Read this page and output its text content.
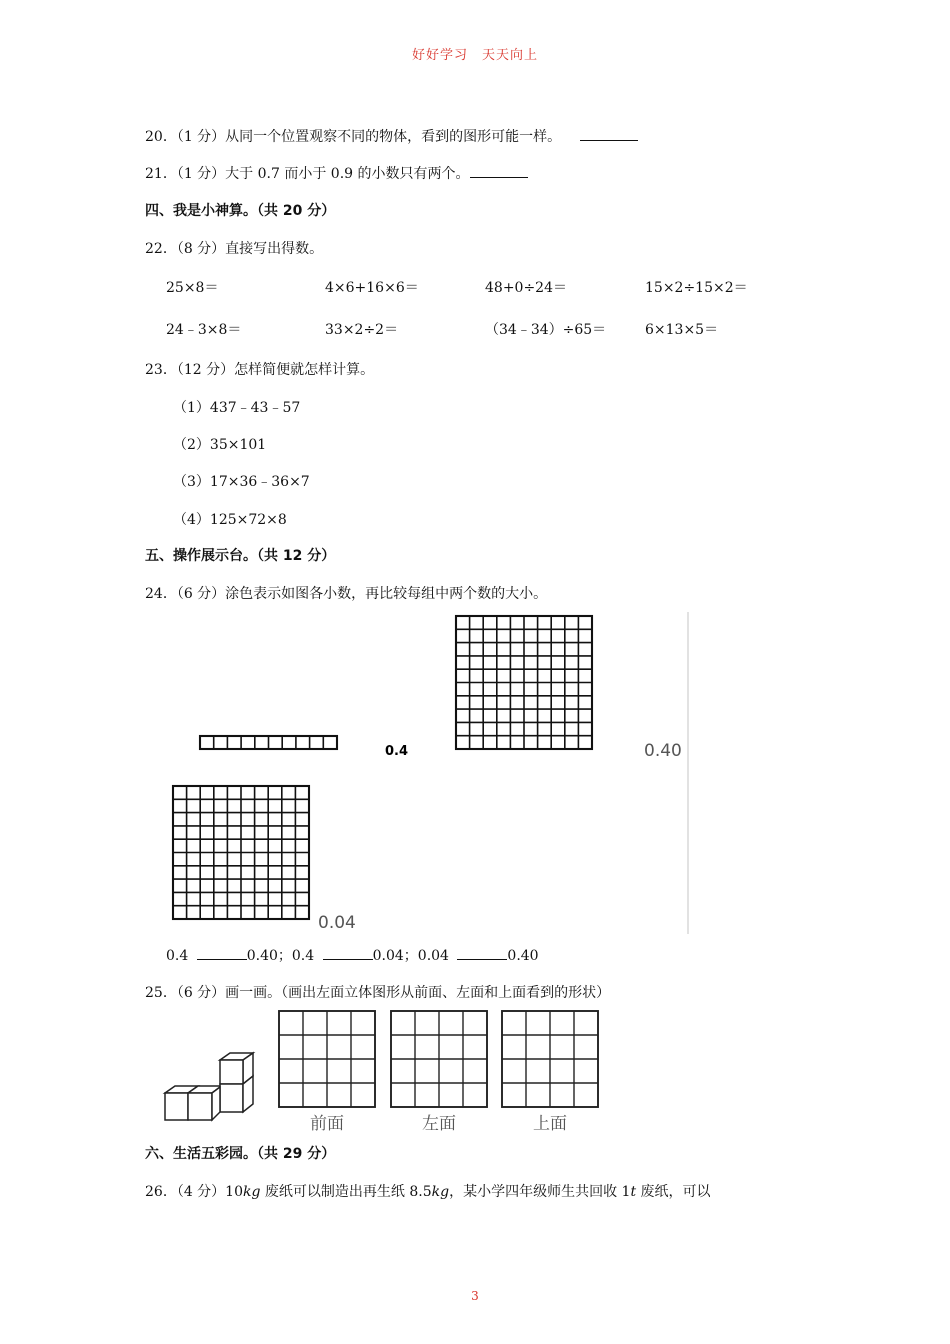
好好学习　天天向上
20．（1 分）从同一个位置观察不同的物体，看到的图形可能一样。
21．（1 分）大于 0.7 而小于 0.9 的小数只有两个。
四、我是小神算。（共 20 分）
22．（8 分）直接写出得数。
25×8＝	4×6+16×6＝	48+0÷24＝	15×2÷15×2＝
24﹣3×8＝	33×2÷2＝	（34﹣34）÷65＝	6×13×5＝
23．（12 分）怎样简便就怎样计算。
（1）437﹣43﹣57
（2）35×101
（3）17×36﹣36×7
（4）125×72×8
五、操作展示台。（共 12 分）
24．（6 分）涂色表示如图各小数，再比较每组中两个数的大小。
0.4	0.40
0.04
0.4	0.40；0.4	0.04；0.04	0.40
25．（6 分）画一画。（画出左面立体图形从前面、左面和上面看到的形状）
前面	左面	上面
六、生活五彩园。（共 29 分）
26．（4 分）10kg 废纸可以制造出再生纸 8.5kg，某小学四年级师生共回收 1t 废纸，可以
3
